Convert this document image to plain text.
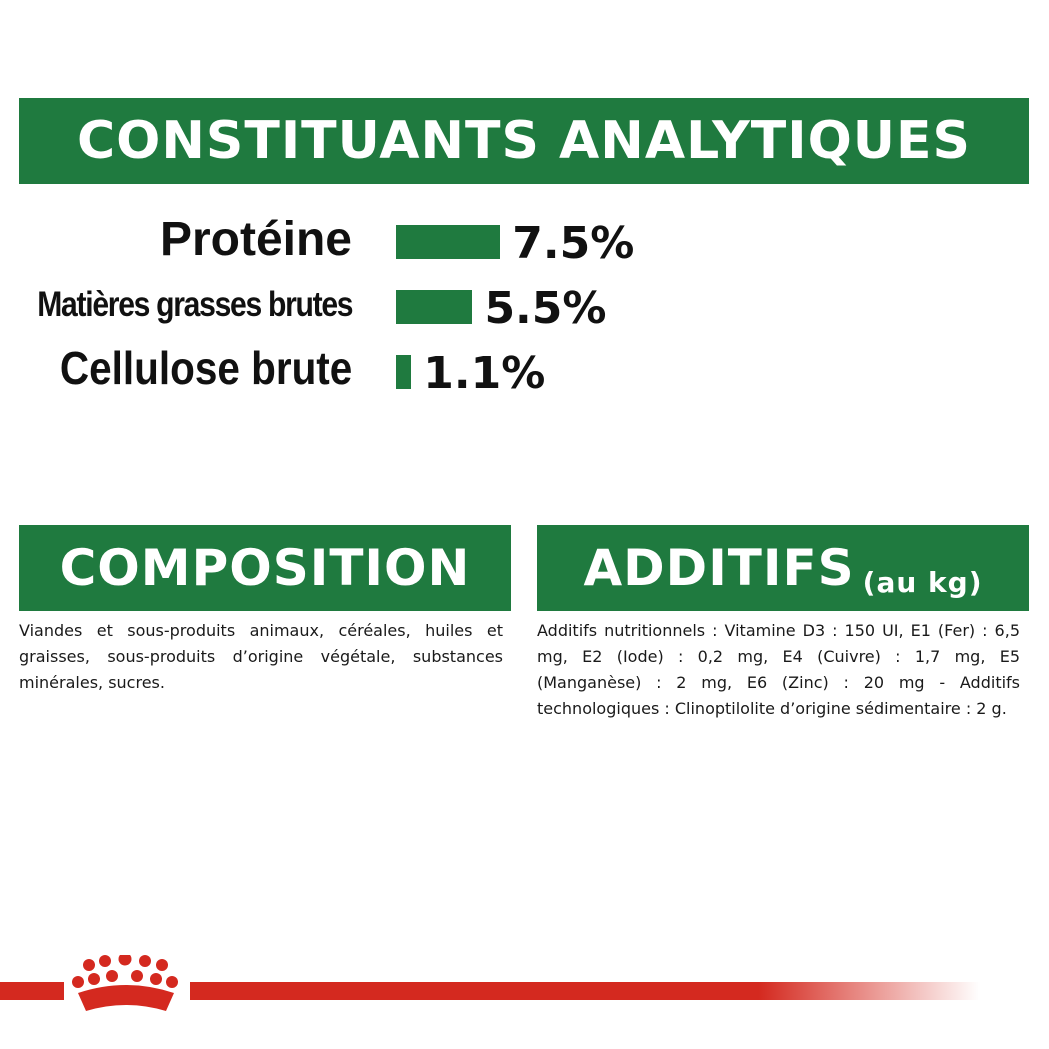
CONSTITUANTS ANALYTIQUES
Protéine	7.5%
Matières grasses brutes	5.5%
Cellulose brute 1.1%
COMPOSITION
Viandes et sous-produits animaux, céréales, huiles et graisses, sous-produits d’origine végétale, substances minérales, sucres.
ADDITIFS (au kg)
Additifs nutritionnels : Vitamine D3 : 150 UI, E1 (Fer) : 6,5 mg, E2 (Iode) : 0,2 mg, E4 (Cuivre) : 1,7 mg, E5 (Manganèse) : 2 mg, E6 (Zinc) : 20 mg - Additifs technologiques : Clinoptilolite d’origine sédimentaire : 2 g.
